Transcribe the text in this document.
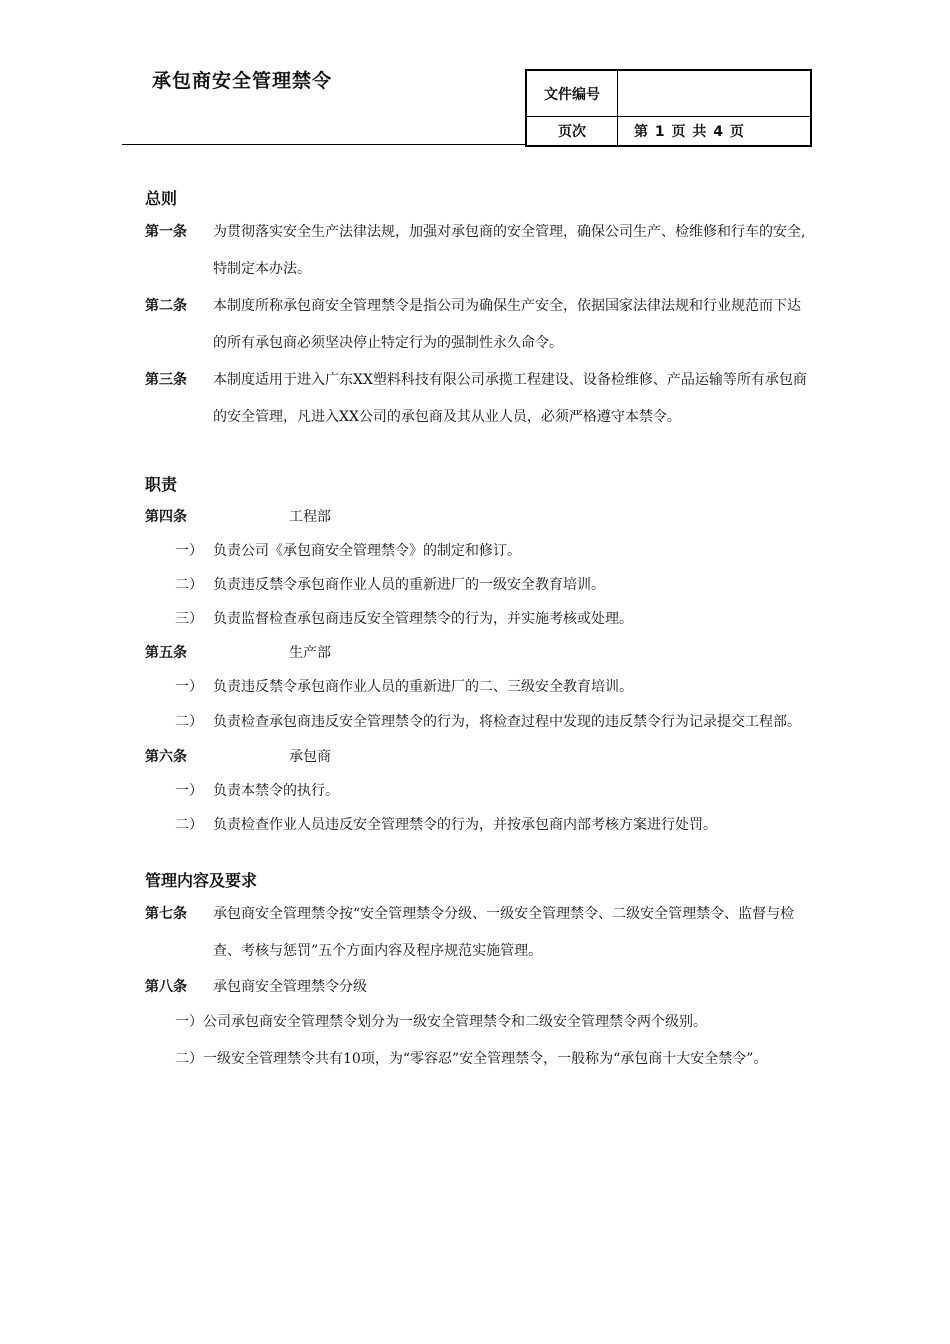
承包商安全管理禁令
文件编号	
页次	第 1 页 共 4 页
总则
第一条	为贯彻落实安全生产法律法规，加强对承包商的安全管理，确保公司生产、检维修和行车的安全,特制定本办法。
第二条	本制度所称承包商安全管理禁令是指公司为确保生产安全，依据国家法律法规和行业规范而下达的所有承包商必须坚决停止特定行为的强制性永久命令。
第三条	本制度适用于进入广东XX塑料科技有限公司承揽工程建设、设备检维修、产品运输等所有承包商的安全管理，凡进入XX公司的承包商及其从业人员，必须严格遵守本禁令。
职责
第四条	工程部
一） 负责公司《承包商安全管理禁令》的制定和修订。
二） 负责违反禁令承包商作业人员的重新进厂的一级安全教育培训。
三） 负责监督检查承包商违反安全管理禁令的行为，并实施考核或处理。
第五条	生产部
一） 负责违反禁令承包商作业人员的重新进厂的二、三级安全教育培训。
二） 负责检查承包商违反安全管理禁令的行为，将检查过程中发现的违反禁令行为记录提交工程部。
第六条	承包商
一） 负责本禁令的执行。
二） 负责检查作业人员违反安全管理禁令的行为，并按承包商内部考核方案进行处罚。
管理内容及要求
第七条	承包商安全管理禁令按“安全管理禁令分级、一级安全管理禁令、二级安全管理禁令、监督与检查、考核与惩罚”五个方面内容及程序规范实施管理。
第八条	承包商安全管理禁令分级
一）公司承包商安全管理禁令划分为一级安全管理禁令和二级安全管理禁令两个级别。
二）一级安全管理禁令共有10项，为“零容忍”安全管理禁令，一般称为“承包商十大安全禁令”。
